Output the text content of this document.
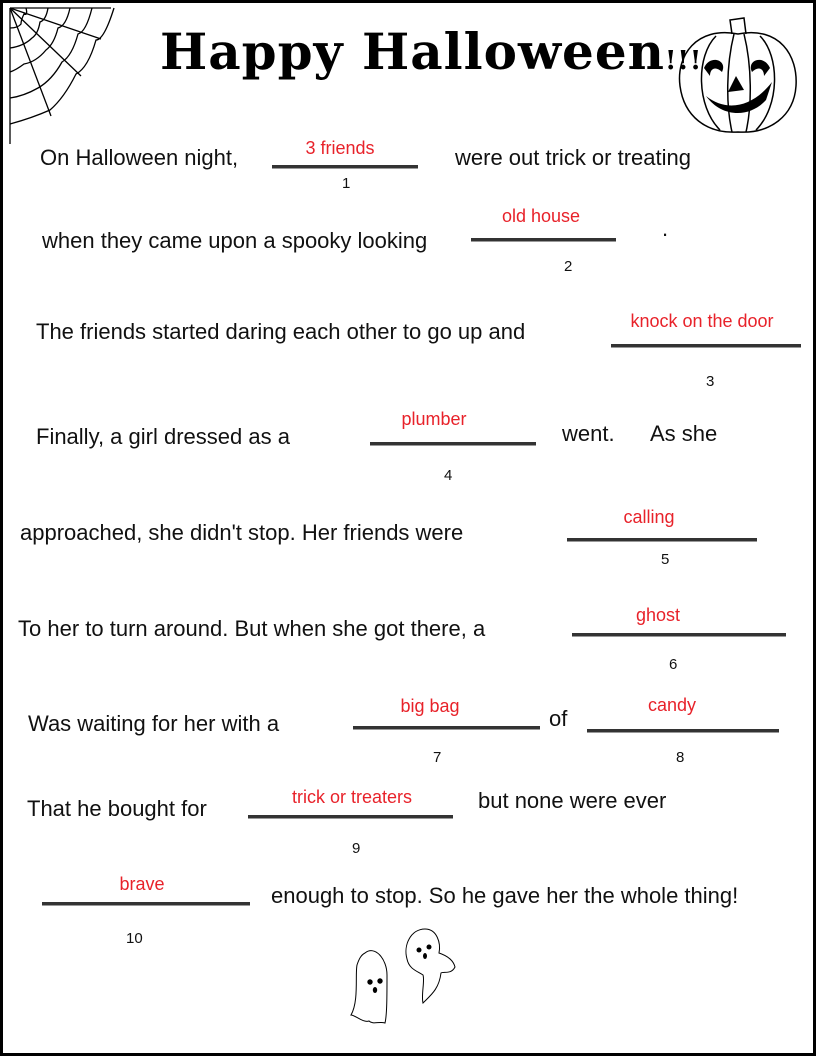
Happy Halloween!!!
On Halloween night,	3 friends
1
were out trick or treating
when they came upon a spooky looking
old house
2
.
The friends started daring each other to go up and	knock on the door
3
Finally, a girl dressed as a
plumber
4
went. As she
approached, she didn't stop. Her friends were
calling
5
To her to turn around. But when she got there, a
ghost
6
Was waiting for her with a
big bag
7
of
candy
8
That he bought for	trick or treaters
9
but none were ever
brave
10
enough to stop. So he gave her the whole thing!
